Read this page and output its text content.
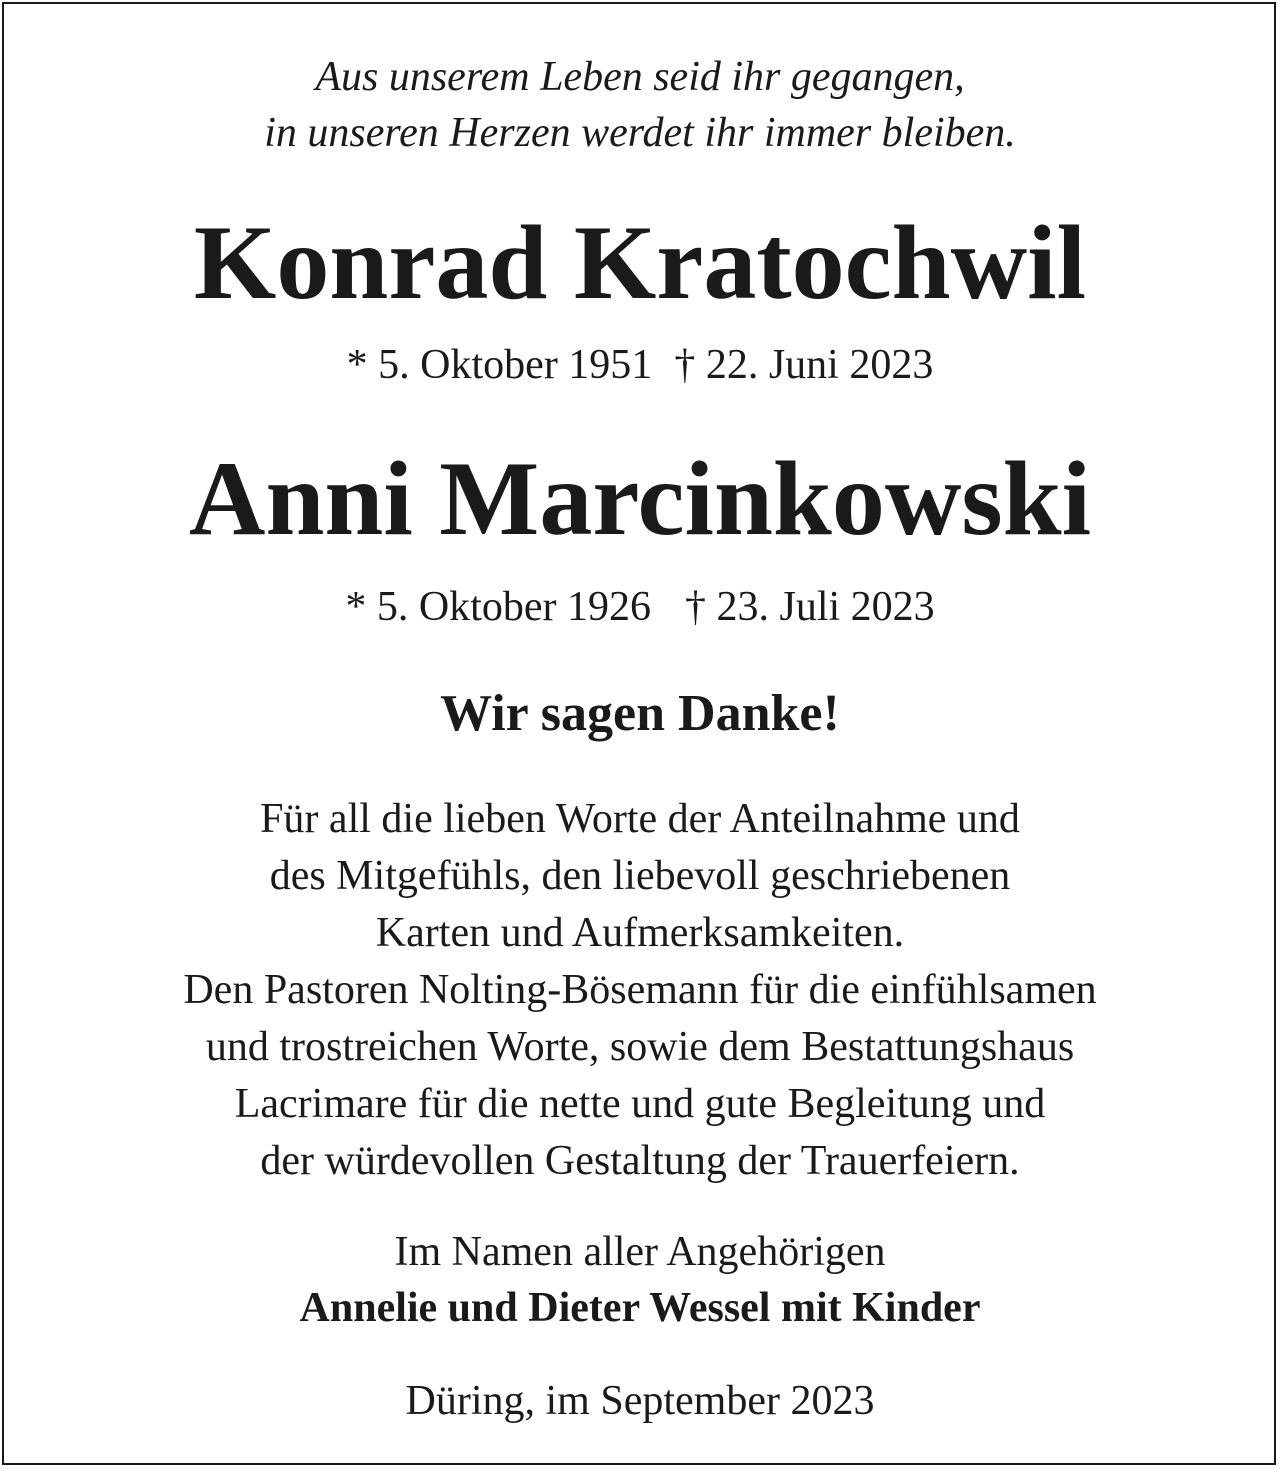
Aus unserem Leben seid ihr gegangen,
in unseren Herzen werdet ihr immer bleiben.
Konrad Kratochwil
* 5. Oktober 1951 † 22. Juni 2023
Anni Marcinkowski
* 5. Oktober 1926 † 23. Juli 2023
Wir sagen Danke!
Für all die lieben Worte der Anteilnahme und
des Mitgefühls, den liebevoll geschriebenen
Karten und Aufmerksamkeiten.
Den Pastoren Nolting-Bösemann für die einfühlsamen
und trostreichen Worte, sowie dem Bestattungshaus
Lacrimare für die nette und gute Begleitung und
der würdevollen Gestaltung der Trauerfeiern.
Im Namen aller Angehörigen
Annelie und Dieter Wessel mit Kinder
Düring, im September 2023
